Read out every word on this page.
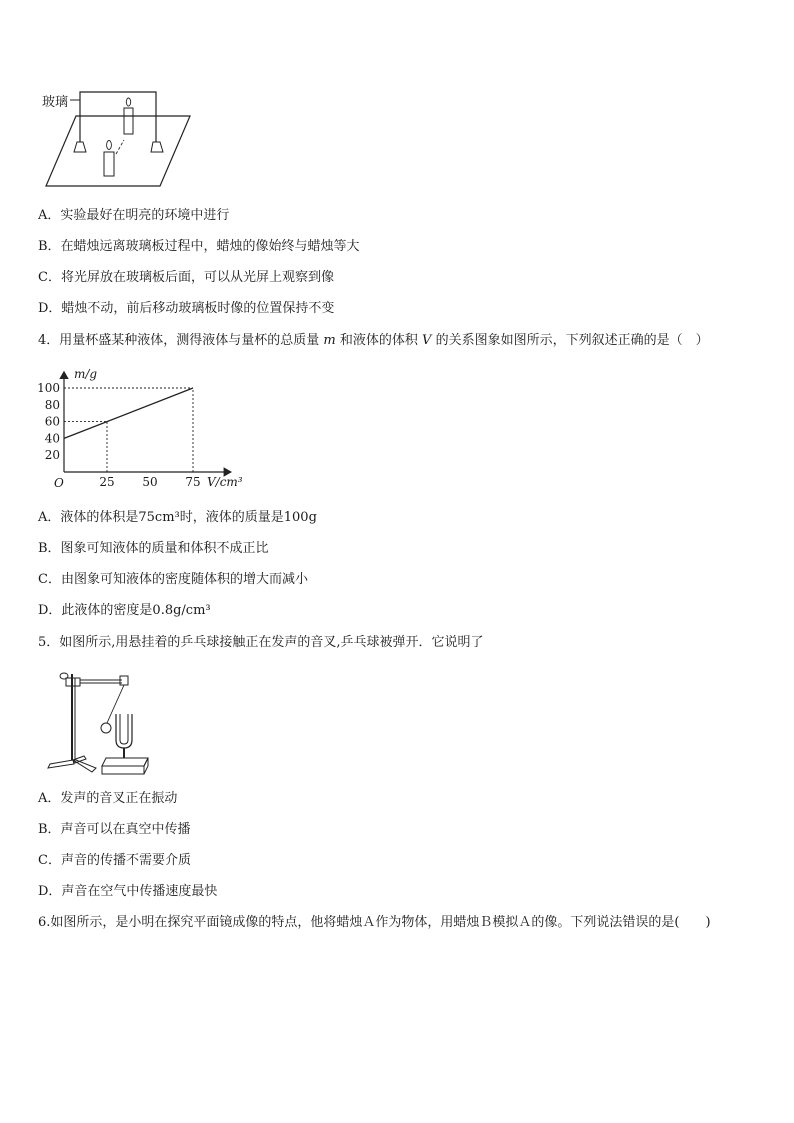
玻璃
A．实验最好在明亮的环境中进行
B．在蜡烛远离玻璃板过程中，蜡烛的像始终与蜡烛等大
C．将光屏放在玻璃板后面，可以从光屏上观察到像
D．蜡烛不动，前后移动玻璃板时像的位置保持不变
4．用量杯盛某种液体，测得液体与量杯的总质量 m 和液体的体积 V 的关系图象如图所示，下列叙述正确的是（　）
25 50 75
20
40
60
80
100
O
m/g
V/cm³
A．液体的体积是75cm³时，液体的质量是100g
B．图象可知液体的质量和体积不成正比
C．由图象可知液体的密度随体积的增大而减小
D．此液体的密度是0.8g/cm³
5．如图所示,用悬挂着的乒乓球接触正在发声的音叉,乒乓球被弹开．它说明了
A．发声的音叉正在振动
B．声音可以在真空中传播
C．声音的传播不需要介质
D．声音在空气中传播速度最快
6.如图所示，是小明在探究平面镜成像的特点，他将蜡烛Ａ作为物体，用蜡烛Ｂ模拟Ａ的像。下列说法错误的是(　　)
